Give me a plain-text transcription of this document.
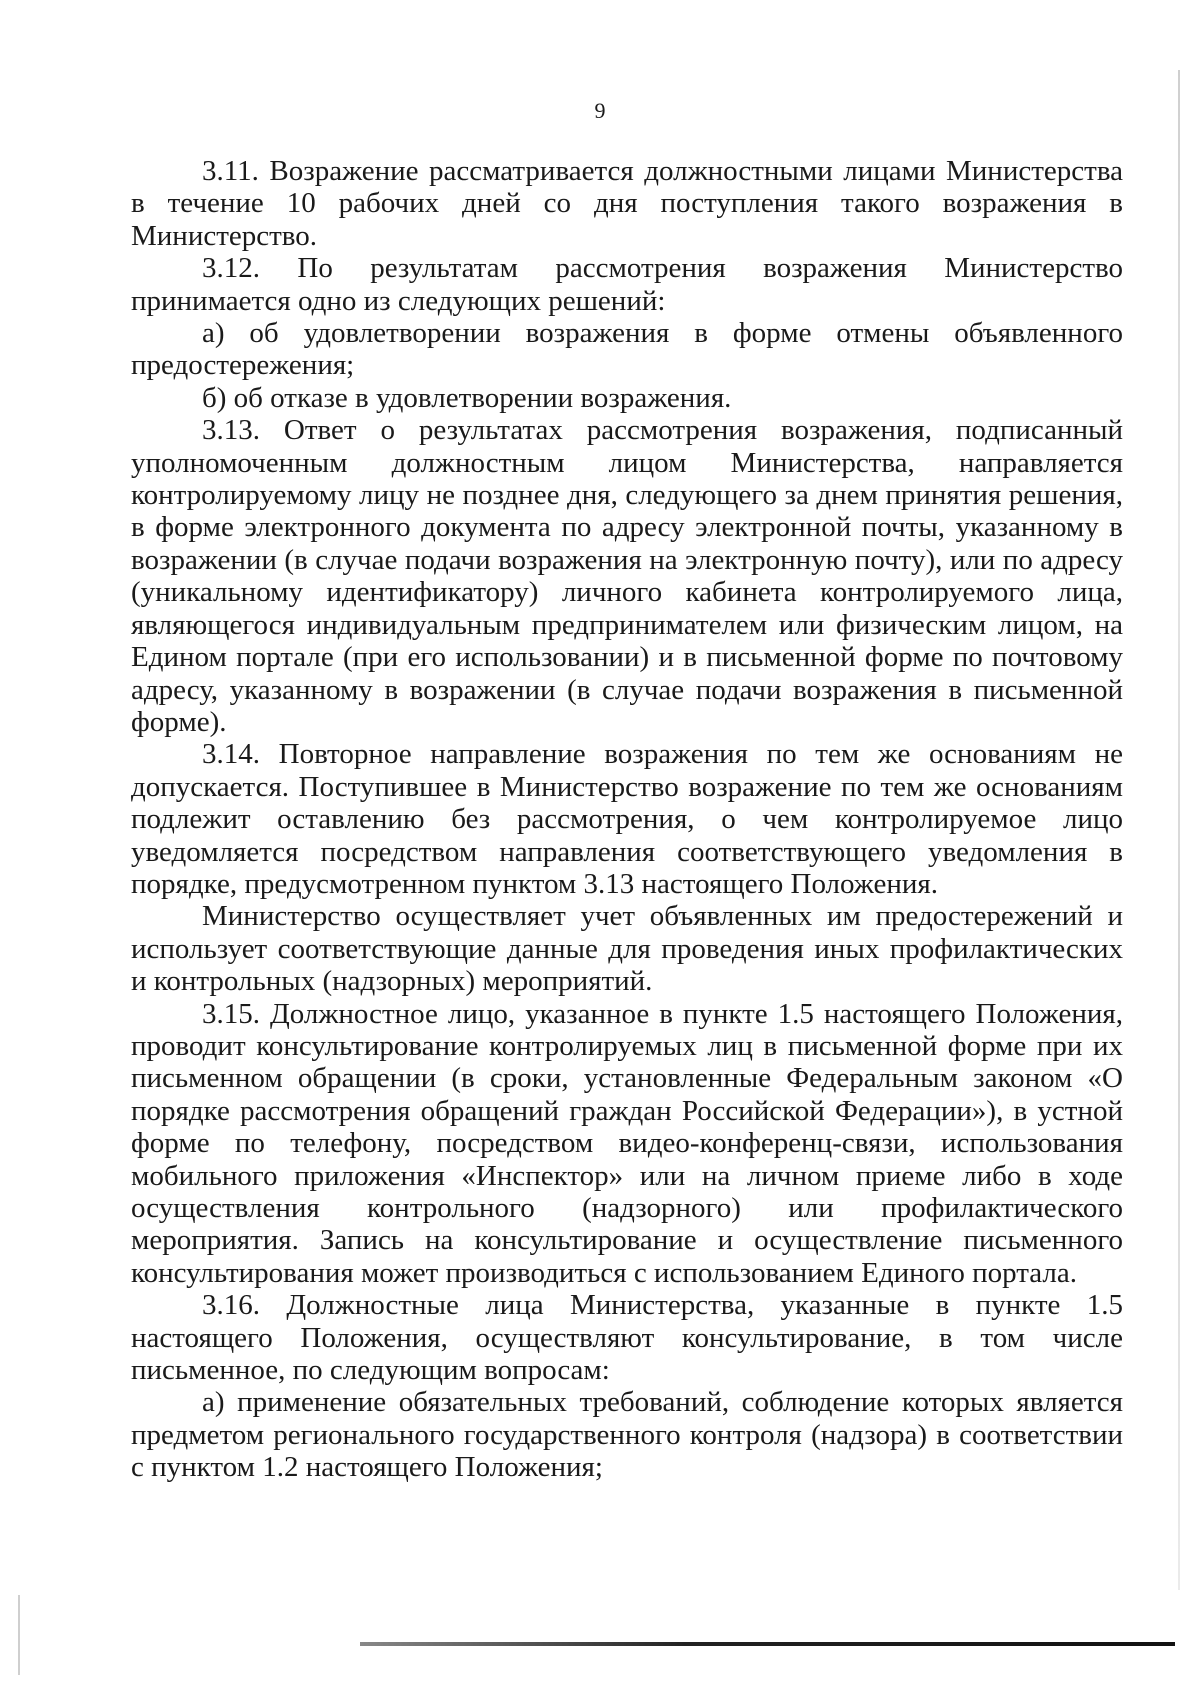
9

3.11. Возражение рассматривается должностными лицами Министерства в течение 10 рабочих дней со дня поступления такого возражения в Министерство.

3.12. По результатам рассмотрения возражения Министерство принимается одно из следующих решений:

а) об удовлетворении возражения в форме отмены объявленного предостережения;

б) об отказе в удовлетворении возражения.

3.13. Ответ о результатах рассмотрения возражения, подписанный уполномоченным должностным лицом Министерства, направляется контролируемому лицу не позднее дня, следующего за днем принятия решения, в форме электронного документа по адресу электронной почты, указанному в возражении (в случае подачи возражения на электронную почту), или по адресу (уникальному идентификатору) личного кабинета контролируемого лица, являющегося индивидуальным предпринимателем или физическим лицом, на Едином портале (при его использовании) и в письменной форме по почтовому адресу, указанному в возражении (в случае подачи возражения в письменной форме).

3.14. Повторное направление возражения по тем же основаниям не допускается. Поступившее в Министерство возражение по тем же основаниям подлежит оставлению без рассмотрения, о чем контролируемое лицо уведомляется посредством направления соответствующего уведомления в порядке, предусмотренном пунктом 3.13 настоящего Положения.

Министерство осуществляет учет объявленных им предостережений и использует соответствующие данные для проведения иных профилактических и контрольных (надзорных) мероприятий.

3.15. Должностное лицо, указанное в пункте 1.5 настоящего Положения, проводит консультирование контролируемых лиц в письменной форме при их письменном обращении (в сроки, установленные Федеральным законом «О порядке рассмотрения обращений граждан Российской Федерации»), в устной форме по телефону, посредством видео-конференц-связи, использования мобильного приложения «Инспектор» или на личном приеме либо в ходе осуществления контрольного (надзорного) или профилактического мероприятия. Запись на консультирование и осуществление письменного консультирования может производиться с использованием Единого портала.

3.16. Должностные лица Министерства, указанные в пункте 1.5 настоящего Положения, осуществляют консультирование, в том числе письменное, по следующим вопросам:

а) применение обязательных требований, соблюдение которых является предметом регионального государственного контроля (надзора) в соответствии с пунктом 1.2 настоящего Положения;
